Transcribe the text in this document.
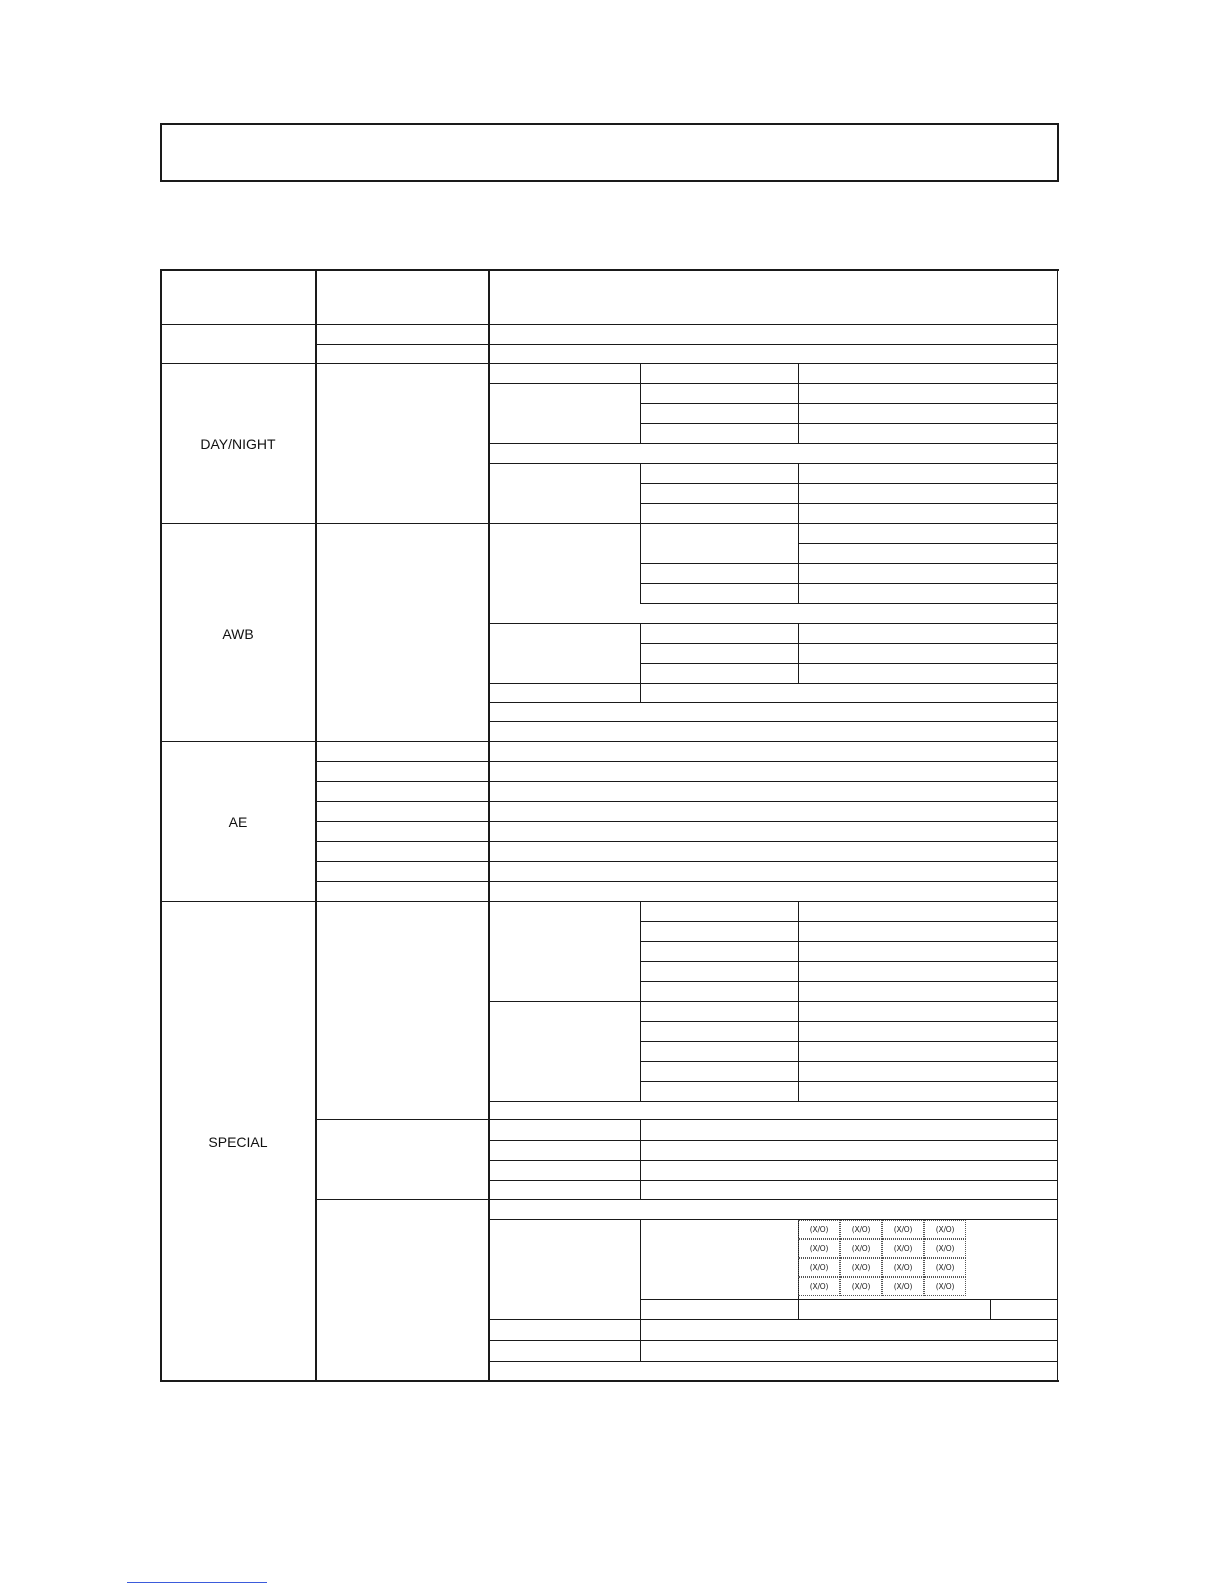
DAY/NIGHT
AWB
AE
SPECIAL
(X/O)	(X/O)	(X/O)	(X/O)
(X/O)	(X/O)	(X/O)	(X/O)
(X/O)	(X/O)	(X/O)	(X/O)
(X/O)	(X/O)	(X/O)	(X/O)
